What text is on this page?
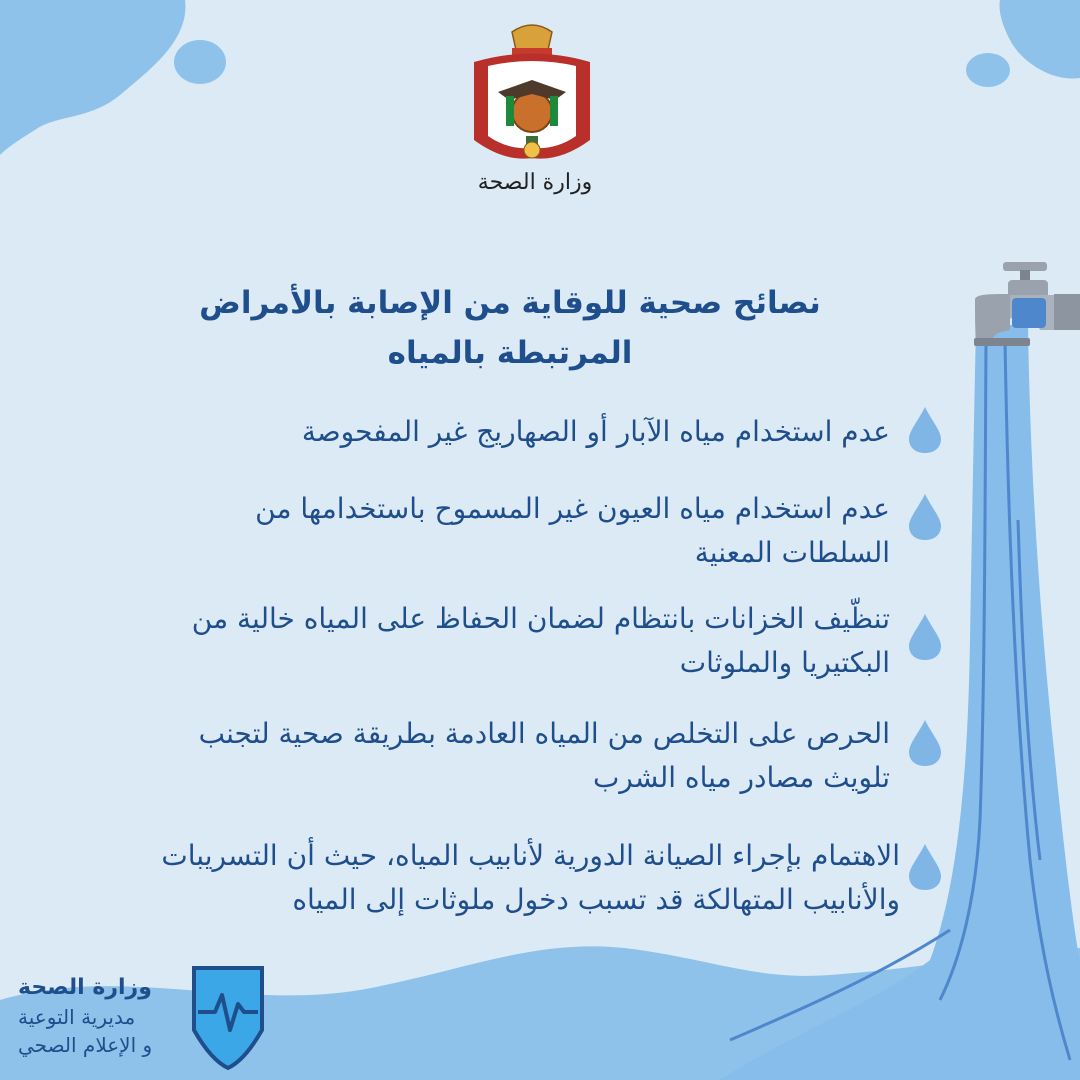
وزارة الصحة
نصائح صحية للوقاية من الإصابة بالأمراض
المرتبطة بالمياه
عدم استخدام مياه الآبار أو الصهاريج غير المفحوصة
عدم استخدام مياه العيون غير المسموح باستخدامها من
السلطات المعنية
تنظّيف الخزانات بانتظام لضمان الحفاظ على المياه خالية من
البكتيريا والملوثات
الحرص على التخلص من المياه العادمة بطريقة صحية لتجنب
تلويث مصادر مياه الشرب
الاهتمام بإجراء الصيانة الدورية لأنابيب المياه، حيث أن التسريبات
والأنابيب المتهالكة قد تسبب دخول ملوثات إلى المياه
وزارة الصحة
مديرية التوعية
و الإعلام الصحي
